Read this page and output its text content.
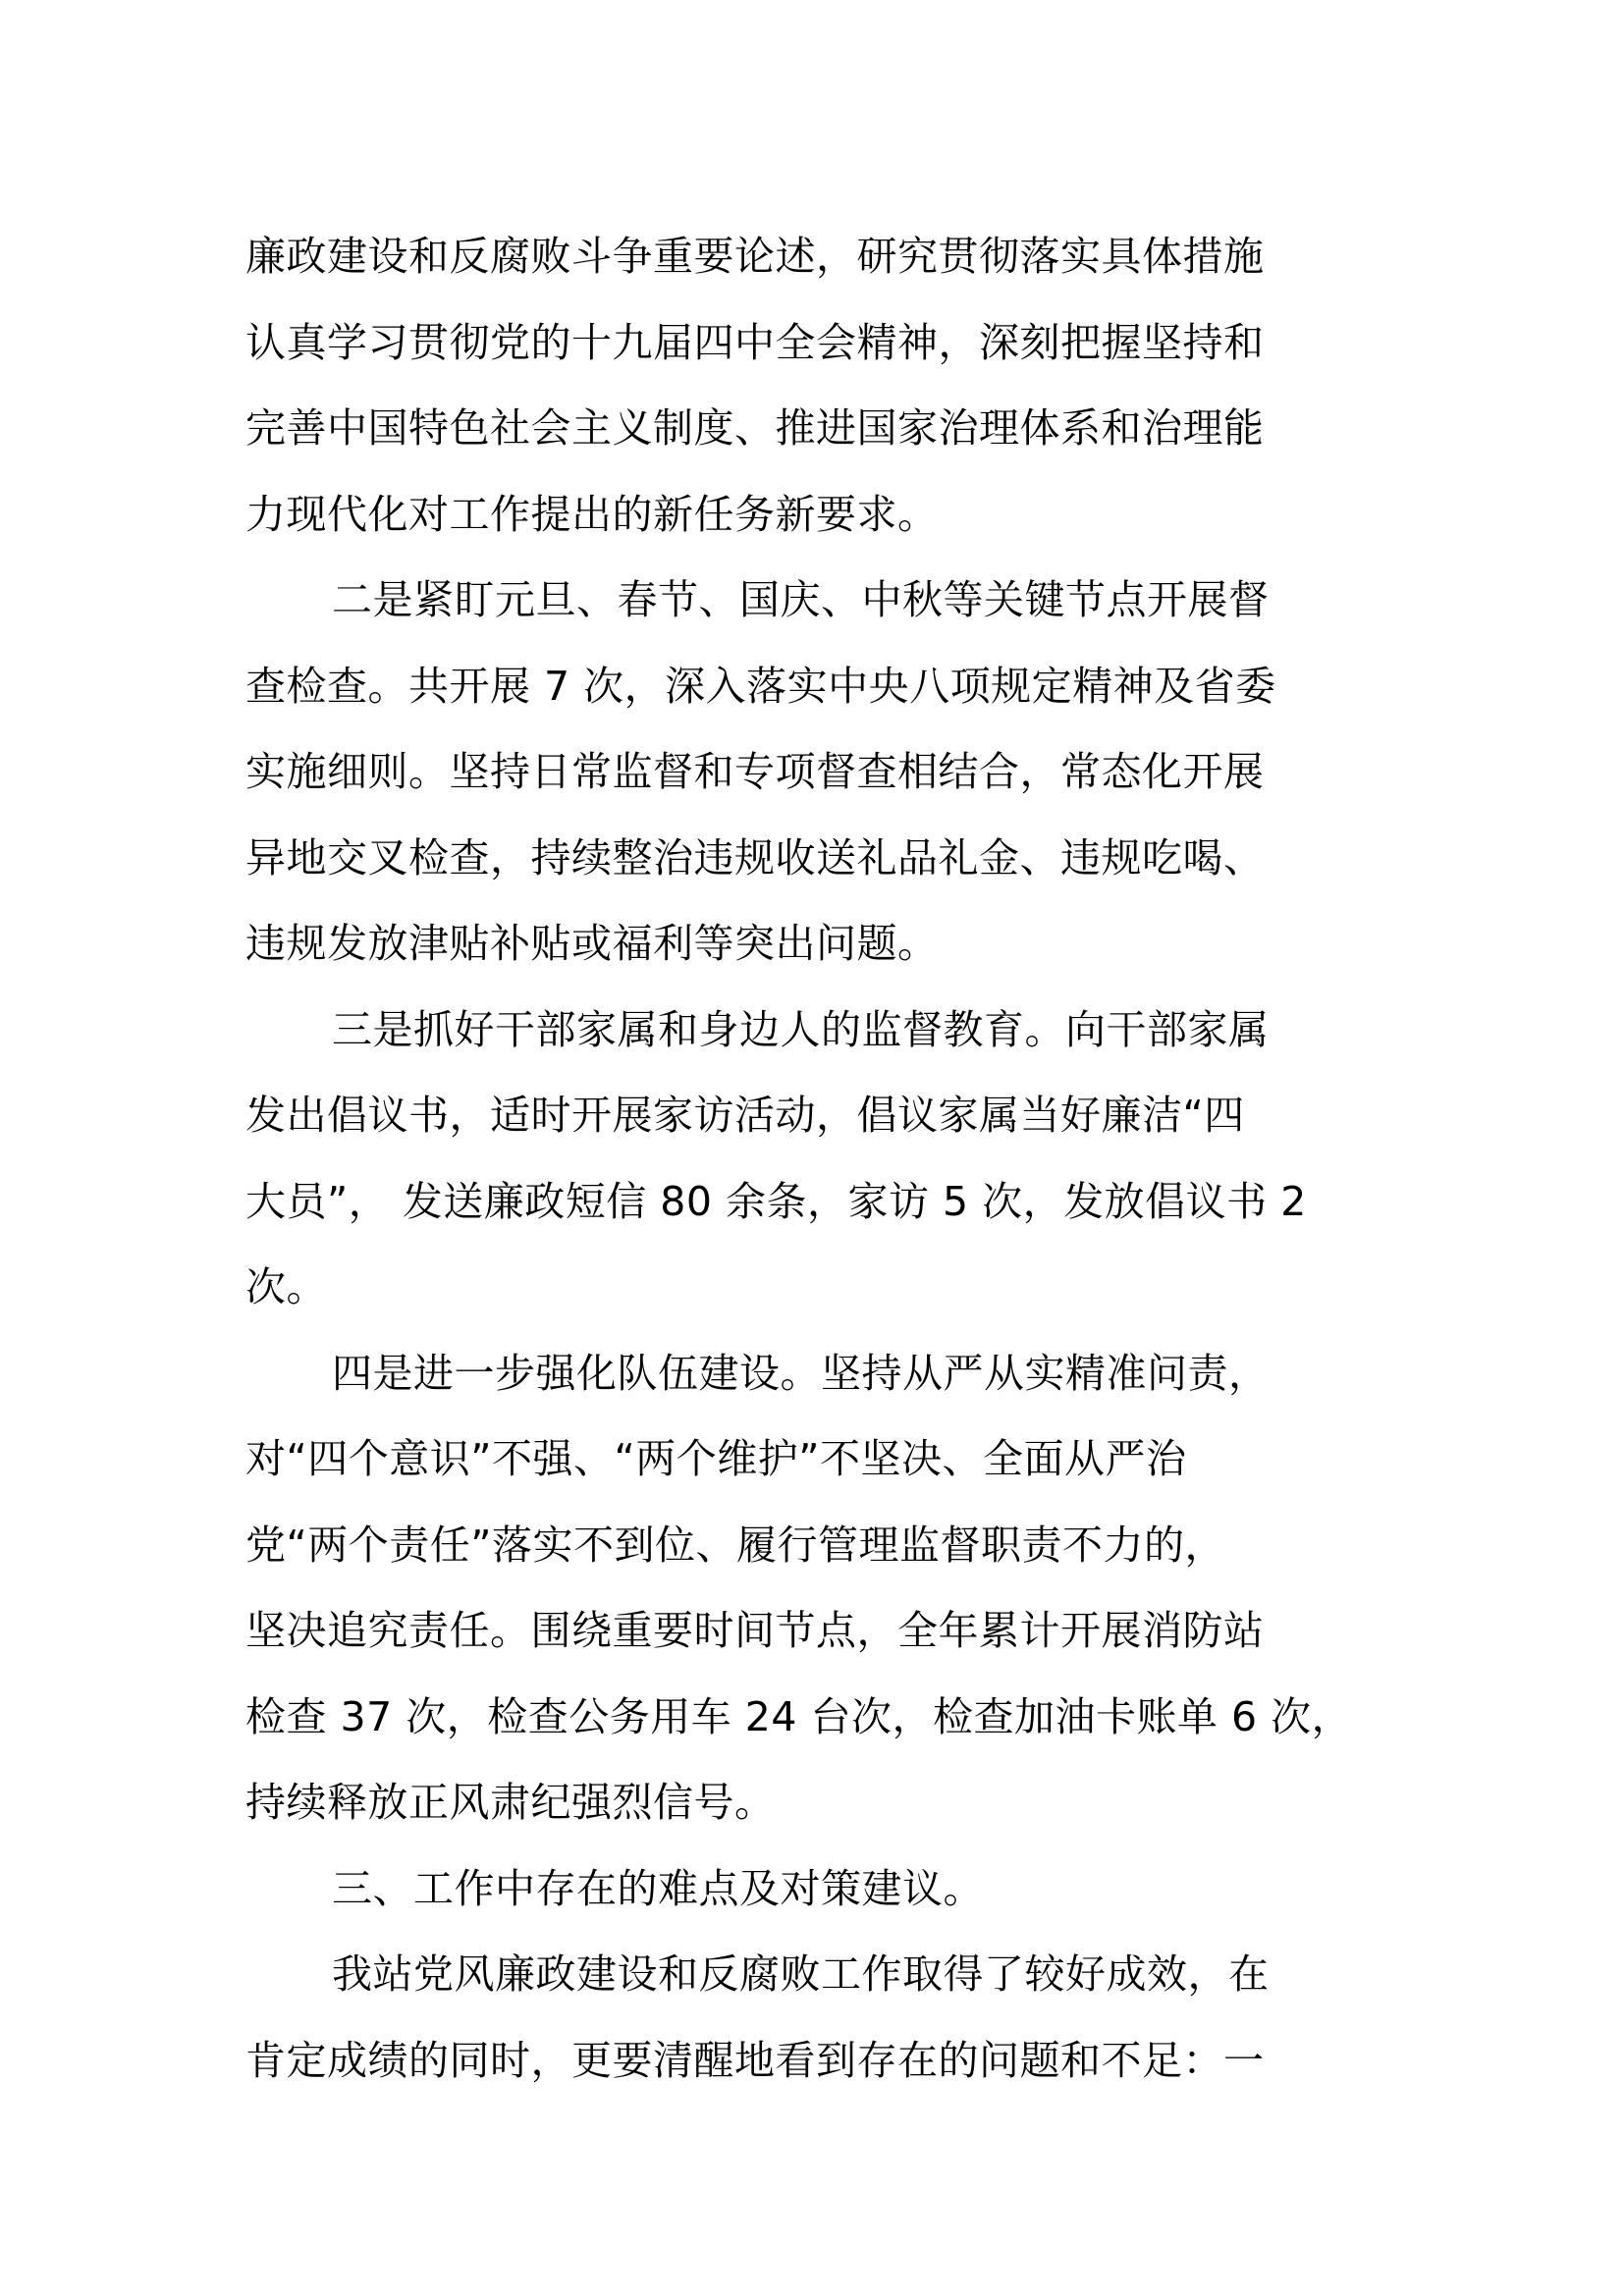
廉政建设和反腐败斗争重要论述，研究贯彻落实具体措施
认真学习贯彻党的十九届四中全会精神，深刻把握坚持和
完善中国特色社会主义制度、推进国家治理体系和治理能
力现代化对工作提出的新任务新要求。
二是紧盯元旦、春节、国庆、中秋等关键节点开展督
查检查。共开展 7 次，深入落实中央八项规定精神及省委
实施细则。坚持日常监督和专项督查相结合，常态化开展
异地交叉检查，持续整治违规收送礼品礼金、违规吃喝、
违规发放津贴补贴或福利等突出问题。
三是抓好干部家属和身边人的监督教育。向干部家属
发出倡议书，适时开展家访活动，倡议家属当好廉洁“四
大员”， 发送廉政短信 80 余条，家访 5 次，发放倡议书 2
次。
四是进一步强化队伍建设。坚持从严从实精准问责，
对“四个意识”不强、“两个维护”不坚决、全面从严治
党“两个责任”落实不到位、履行管理监督职责不力的，
坚决追究责任。围绕重要时间节点，全年累计开展消防站
检查 37 次，检查公务用车 24 台次，检查加油卡账单 6 次，
持续释放正风肃纪强烈信号。
三、工作中存在的难点及对策建议。
我站党风廉政建设和反腐败工作取得了较好成效，在
肯定成绩的同时，更要清醒地看到存在的问题和不足：一
